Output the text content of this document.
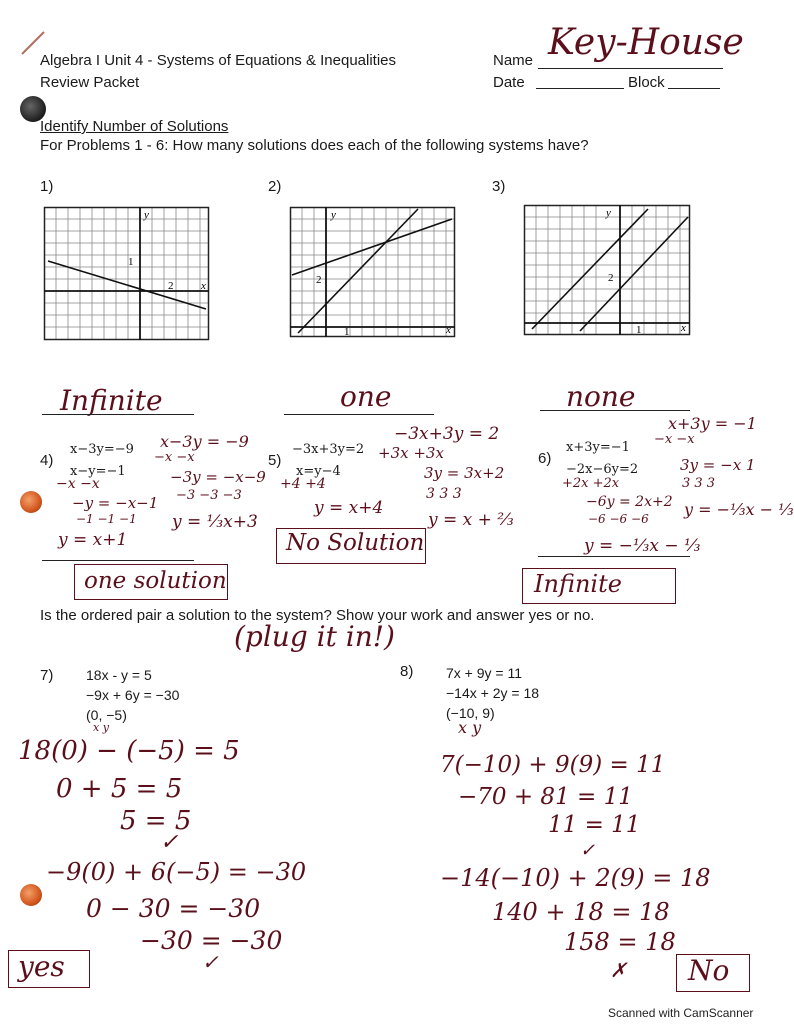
Algebra I Unit 4 - Systems of Equations & Inequalities
Review Packet
Name Key-House
Date	Block
Identify Number of Solutions
For Problems 1 - 6: How many solutions does each of the following systems have?
1)	2)	3)
1
2	x
y
2
1	x
y
2
1	x
y
Infinite	one	none
4)
x−3y=−9
x−y=−1
−x −x
−y = −x−1
−1 −1 −1
y = x+1
x−3y = −9
−x −x
−3y = −x−9
−3 −3 −3
y = ⅓x+3
one solution
5)
−3x+3y=2
x=y−4
+4 +4
y = x+4
−3x+3y = 2
+3x +3x
3y = 3x+2
3 3 3
y = x + ⅔
No Solution
6)
x+3y=−1
−2x−6y=2
+2x +2x
−6y = 2x+2
−6 −6 −6
y = −⅓x − ⅓
x+3y = −1
−x −x
3y = −x 1
3 3 3
y = −⅓x − ⅓
Infinite
Is the ordered pair a solution to the system? Show your work and answer yes or no.
(plug it in!)
7) 18x - y = 5
−9x + 6y = −30
(0, −5)
x y
18(0) − (−5) = 5
0 + 5 = 5
5 = 5
✓
−9(0) + 6(−5) = −30
0 − 30 = −30
−30 = −30
✓
yes
8) 7x + 9y = 11
−14x + 2y = 18
(−10, 9)
x y
7(−10) + 9(9) = 11
−70 + 81 = 11
11 = 11
✓
−14(−10) + 2(9) = 18
140 + 18 = 18
158 = 18
✗ No
Scanned with CamScanner
